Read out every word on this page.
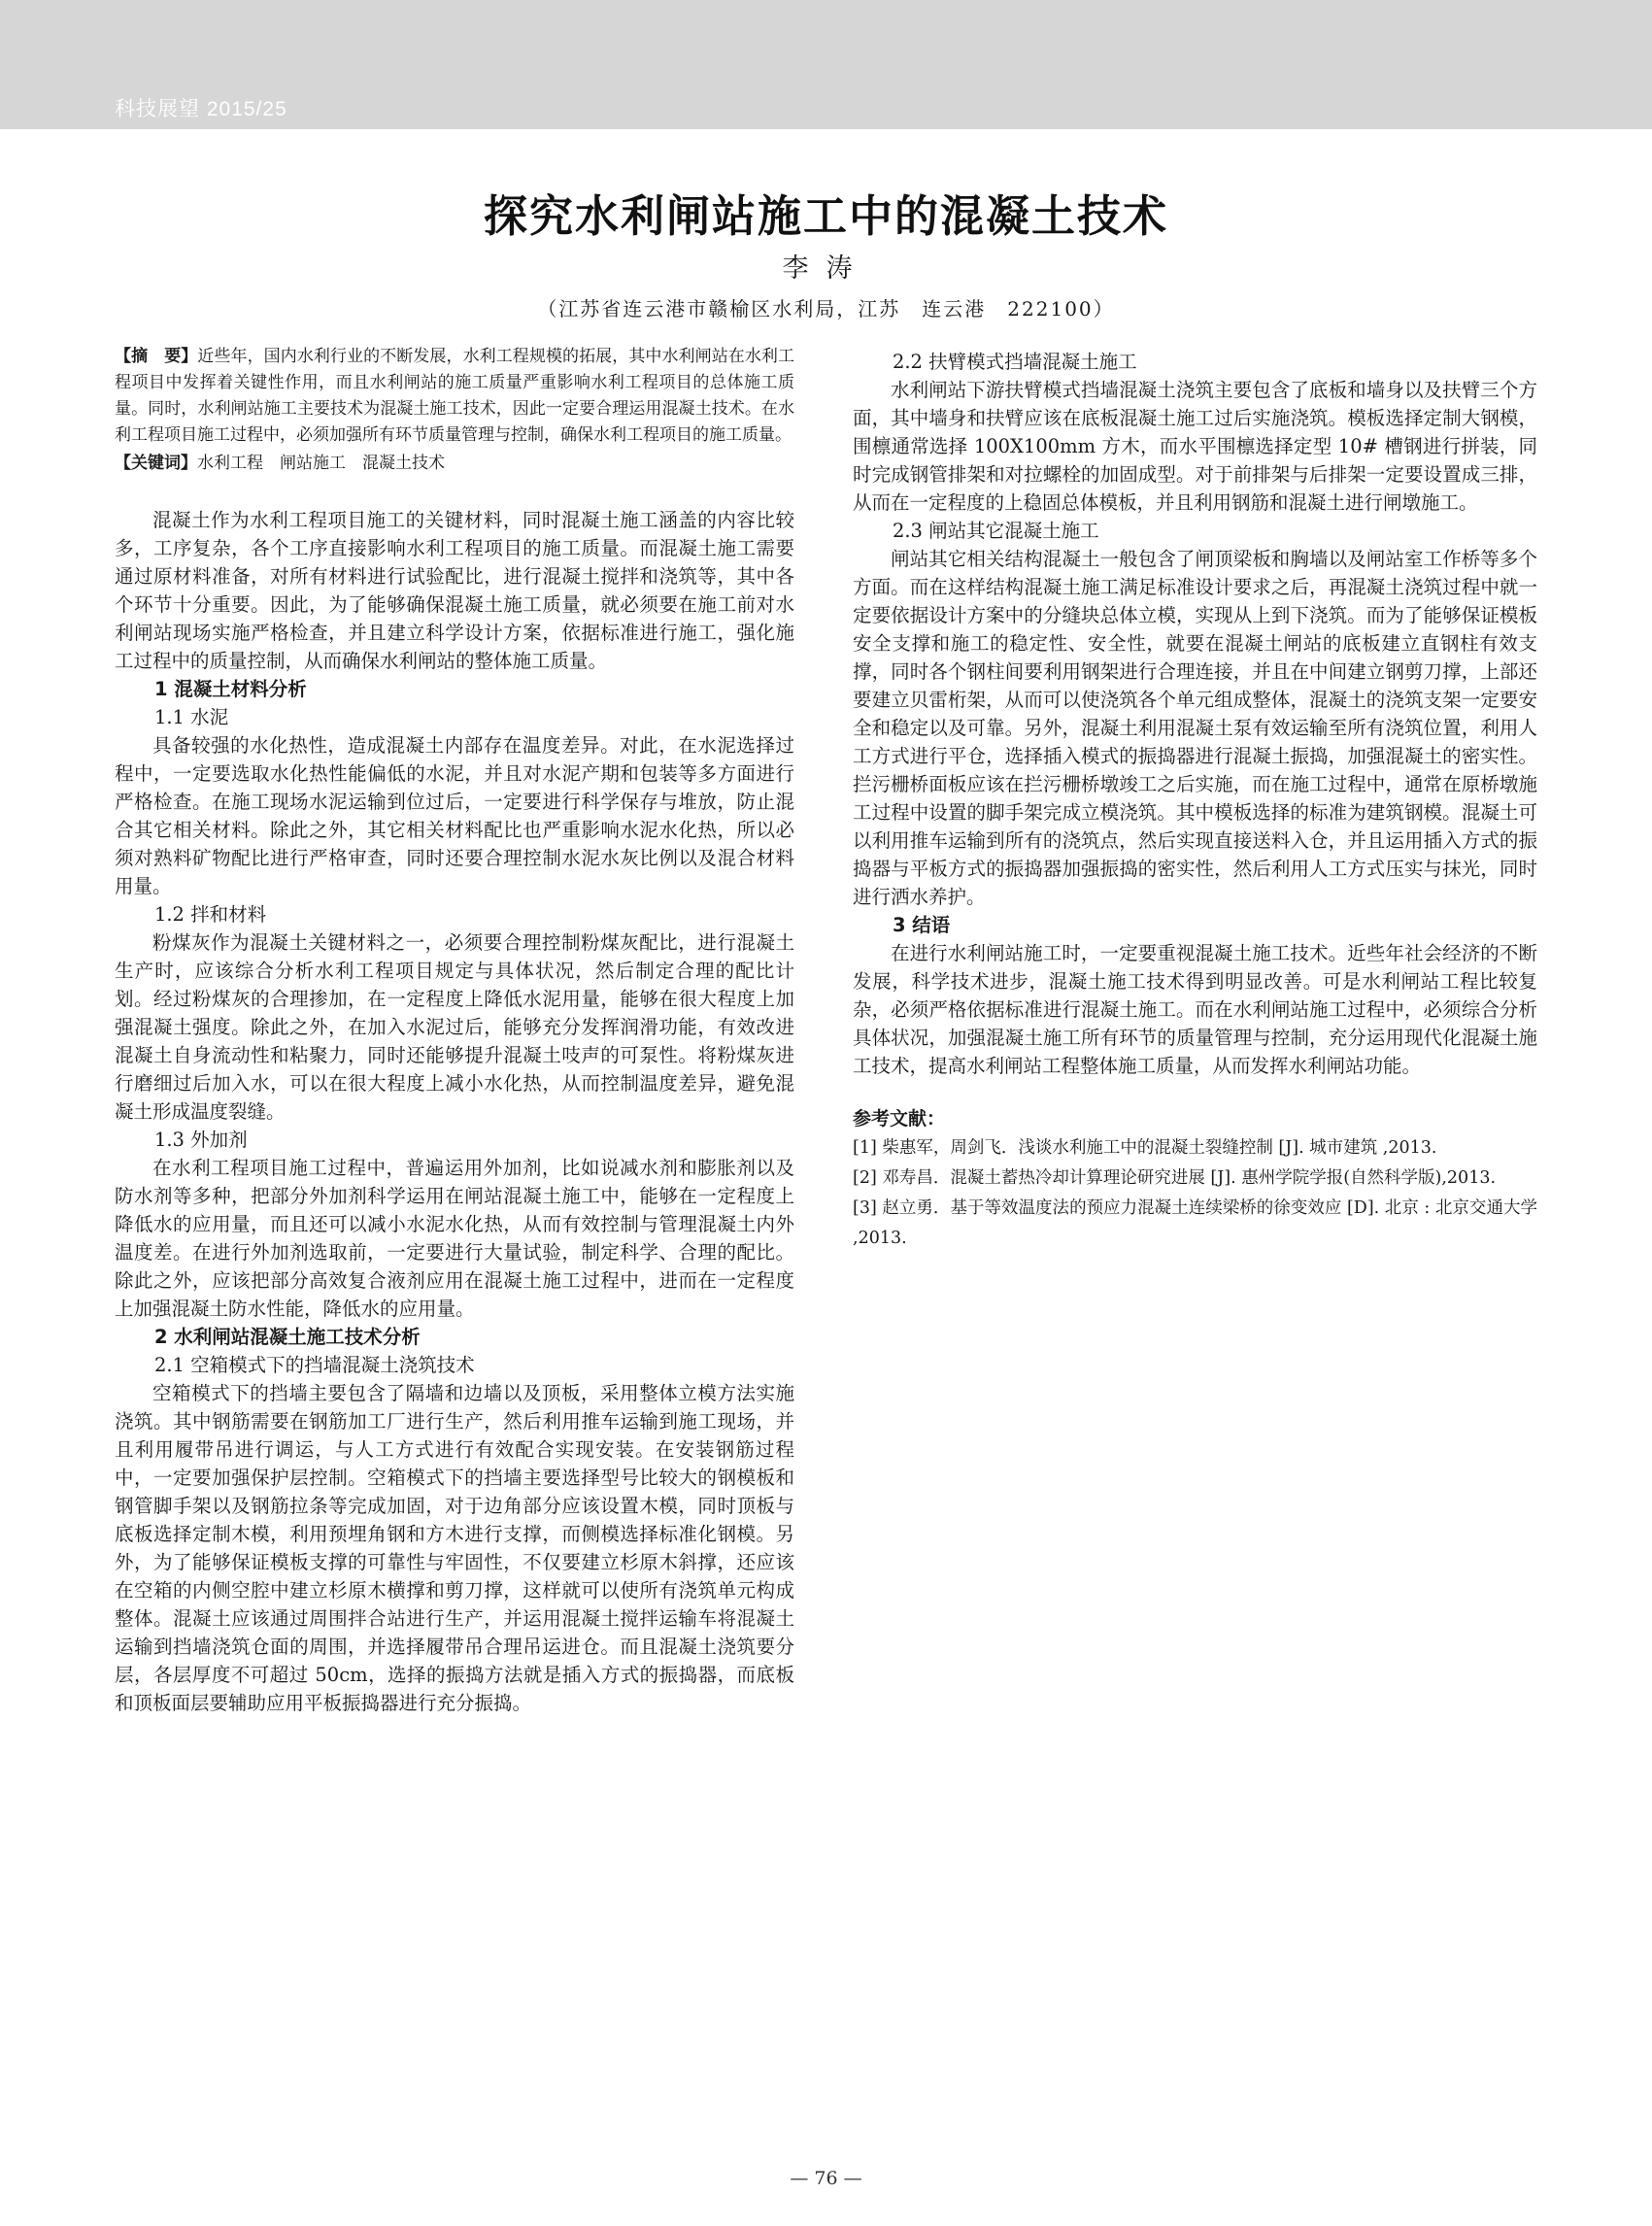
科技展望 2015/25
探究水利闸站施工中的混凝土技术
李涛
（江苏省连云港市赣榆区水利局，江苏　连云港　222100）
【摘　要】近些年，国内水利行业的不断发展，水利工程规模的拓展，其中水利闸站在水利工程项目中发挥着关键性作用，而且水利闸站的施工质量严重影响水利工程项目的总体施工质量。同时，水利闸站施工主要技术为混凝土施工技术，因此一定要合理运用混凝土技术。在水利工程项目施工过程中，必须加强所有环节质量管理与控制，确保水利工程项目的施工质量。
【关键词】水利工程　闸站施工　混凝土技术

混凝土作为水利工程项目施工的关键材料，同时混凝土施工涵盖的内容比较多，工序复杂，各个工序直接影响水利工程项目的施工质量。而混凝土施工需要通过原材料准备，对所有材料进行试验配比，进行混凝土搅拌和浇筑等，其中各个环节十分重要。因此，为了能够确保混凝土施工质量，就必须要在施工前对水利闸站现场实施严格检查，并且建立科学设计方案，依据标准进行施工，强化施工过程中的质量控制，从而确保水利闸站的整体施工质量。

1 混凝土材料分析
1.1 水泥

具备较强的水化热性，造成混凝土内部存在温度差异。对此，在水泥选择过程中，一定要选取水化热性能偏低的水泥，并且对水泥产期和包装等多方面进行严格检查。在施工现场水泥运输到位过后，一定要进行科学保存与堆放，防止混合其它相关材料。除此之外，其它相关材料配比也严重影响水泥水化热，所以必须对熟料矿物配比进行严格审查，同时还要合理控制水泥水灰比例以及混合材料用量。

1.2 拌和材料

粉煤灰作为混凝土关键材料之一，必须要合理控制粉煤灰配比，进行混凝土生产时，应该综合分析水利工程项目规定与具体状况，然后制定合理的配比计划。经过粉煤灰的合理掺加，在一定程度上降低水泥用量，能够在很大程度上加强混凝土强度。除此之外，在加入水泥过后，能够充分发挥润滑功能，有效改进混凝土自身流动性和粘聚力，同时还能够提升混凝土吱声的可泵性。将粉煤灰进行磨细过后加入水，可以在很大程度上减小水化热，从而控制温度差异，避免混凝土形成温度裂缝。

1.3 外加剂

在水利工程项目施工过程中，普遍运用外加剂，比如说减水剂和膨胀剂以及防水剂等多种，把部分外加剂科学运用在闸站混凝土施工中，能够在一定程度上降低水的应用量，而且还可以减小水泥水化热，从而有效控制与管理混凝土内外温度差。在进行外加剂选取前，一定要进行大量试验，制定科学、合理的配比。除此之外，应该把部分高效复合液剂应用在混凝土施工过程中，进而在一定程度上加强混凝土防水性能，降低水的应用量。

2 水利闸站混凝土施工技术分析
2.1 空箱模式下的挡墙混凝土浇筑技术

空箱模式下的挡墙主要包含了隔墙和边墙以及顶板，采用整体立模方法实施浇筑。其中钢筋需要在钢筋加工厂进行生产，然后利用推车运输到施工现场，并且利用履带吊进行调运，与人工方式进行有效配合实现安装。在安装钢筋过程中，一定要加强保护层控制。空箱模式下的挡墙主要选择型号比较大的钢模板和钢管脚手架以及钢筋拉条等完成加固，对于边角部分应该设置木模，同时顶板与底板选择定制木模，利用预埋角钢和方木进行支撑，而侧模选择标准化钢模。另外，为了能够保证模板支撑的可靠性与牢固性，不仅要建立杉原木斜撑，还应该在空箱的内侧空腔中建立杉原木横撑和剪刀撑，这样就可以使所有浇筑单元构成整体。混凝土应该通过周围拌合站进行生产，并运用混凝土搅拌运输车将混凝土运输到挡墙浇筑仓面的周围，并选择履带吊合理吊运进仓。而且混凝土浇筑要分层，各层厚度不可超过 50cm，选择的振捣方法就是插入方式的振捣器，而底板和顶板面层要辅助应用平板振捣器进行充分振捣。

2.2 扶臂模式挡墙混凝土施工

水利闸站下游扶臂模式挡墙混凝土浇筑主要包含了底板和墙身以及扶臂三个方面，其中墙身和扶臂应该在底板混凝土施工过后实施浇筑。模板选择定制大钢模，围檩通常选择 100X100mm 方木，而水平围檩选择定型 10# 槽钢进行拼装，同时完成钢管排架和对拉螺栓的加固成型。对于前排架与后排架一定要设置成三排，从而在一定程度的上稳固总体模板，并且利用钢筋和混凝土进行闸墩施工。

2.3 闸站其它混凝土施工

闸站其它相关结构混凝土一般包含了闸顶梁板和胸墙以及闸站室工作桥等多个方面。而在这样结构混凝土施工满足标准设计要求之后，再混凝土浇筑过程中就一定要依据设计方案中的分缝块总体立模，实现从上到下浇筑。而为了能够保证模板安全支撑和施工的稳定性、安全性，就要在混凝土闸站的底板建立直钢柱有效支撑，同时各个钢柱间要利用钢架进行合理连接，并且在中间建立钢剪刀撑，上部还要建立贝雷桁架，从而可以使浇筑各个单元组成整体，混凝土的浇筑支架一定要安全和稳定以及可靠。另外，混凝土利用混凝土泵有效运输至所有浇筑位置，利用人工方式进行平仓，选择插入模式的振捣器进行混凝土振捣，加强混凝土的密实性。拦污栅桥面板应该在拦污栅桥墩竣工之后实施，而在施工过程中，通常在原桥墩施工过程中设置的脚手架完成立模浇筑。其中模板选择的标准为建筑钢模。混凝土可以利用推车运输到所有的浇筑点，然后实现直接送料入仓，并且运用插入方式的振捣器与平板方式的振捣器加强振捣的密实性，然后利用人工方式压实与抹光，同时进行洒水养护。

3 结语

在进行水利闸站施工时，一定要重视混凝土施工技术。近些年社会经济的不断发展，科学技术进步，混凝土施工技术得到明显改善。可是水利闸站工程比较复杂，必须严格依据标准进行混凝土施工。而在水利闸站施工过程中，必须综合分析具体状况，加强混凝土施工所有环节的质量管理与控制，充分运用现代化混凝土施工技术，提高水利闸站工程整体施工质量，从而发挥水利闸站功能。

参考文献：

[1] 柴惠军，周剑飞．浅谈水利施工中的混凝土裂缝控制 [J]. 城市建筑 ,2013.

[2] 邓寿昌．混凝土蓄热冷却计算理论研究进展 [J]. 惠州学院学报(自然科学版),2013.

[3] 赵立勇．基于等效温度法的预应力混凝土连续梁桥的徐变效应 [D]. 北京 : 北京交通大学 ,2013.

— 76 —
